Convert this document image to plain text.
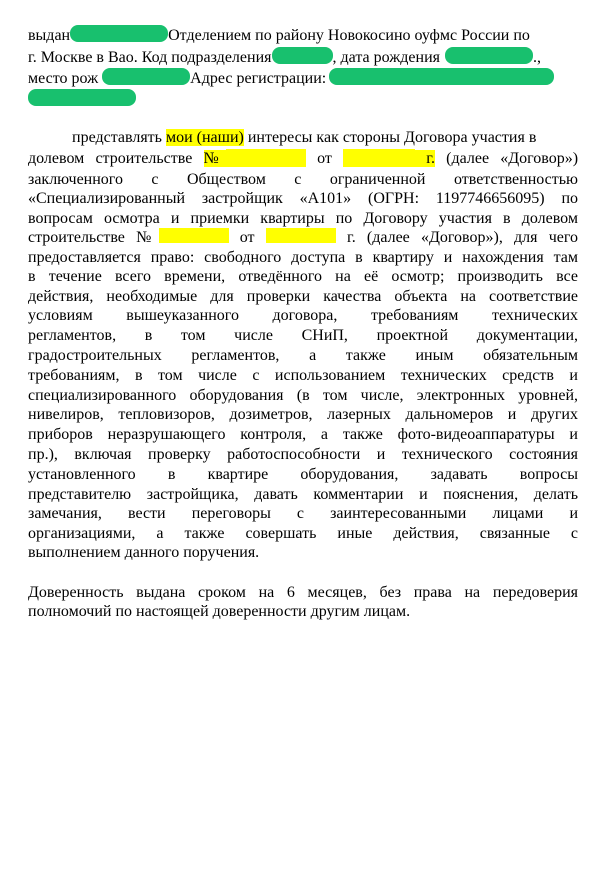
выдан	Отделением по району Новокосино оуфмс России по
г. Москве в Вао. Код подразделения	, дата рождения	.,
место рож	Адрес регистрации:
представлять мои (наши) интересы как стороны Договора участия в
долевом строительстве №	от	г. (далее «Договор»)
заключенного с Обществом с ограниченной ответственностью
«Специализированный застройщик «А101» (ОГРН: 1197746656095) по
вопросам осмотра и приемки квартиры по Договору участия в долевом
строительстве №	от	г. (далее «Договор»), для чего
предоставляется право: свободного доступа в квартиру и нахождения там
в течение всего времени, отведённого на её осмотр; производить все
действия, необходимые для проверки качества объекта на соответствие
условиям вышеуказанного договора, требованиям технических
регламентов, в том числе СНиП, проектной документации,
градостроительных регламентов, а также иным обязательным
требованиям, в том числе с использованием технических средств и
специализированного оборудования (в том числе, электронных уровней,
нивелиров, тепловизоров, дозиметров, лазерных дальномеров и других
приборов неразрушающего контроля, а также фото-видеоаппаратуры и
пр.), включая проверку работоспособности и технического состояния
установленного в квартире оборудования, задавать вопросы
представителю застройщика, давать комментарии и пояснения, делать
замечания, вести переговоры с заинтересованными лицами и
организациями, а также совершать иные действия, связанные с
выполнением данного поручения.
Доверенность выдана сроком на 6 месяцев, без права на передоверия
полномочий по настоящей доверенности другим лицам.
